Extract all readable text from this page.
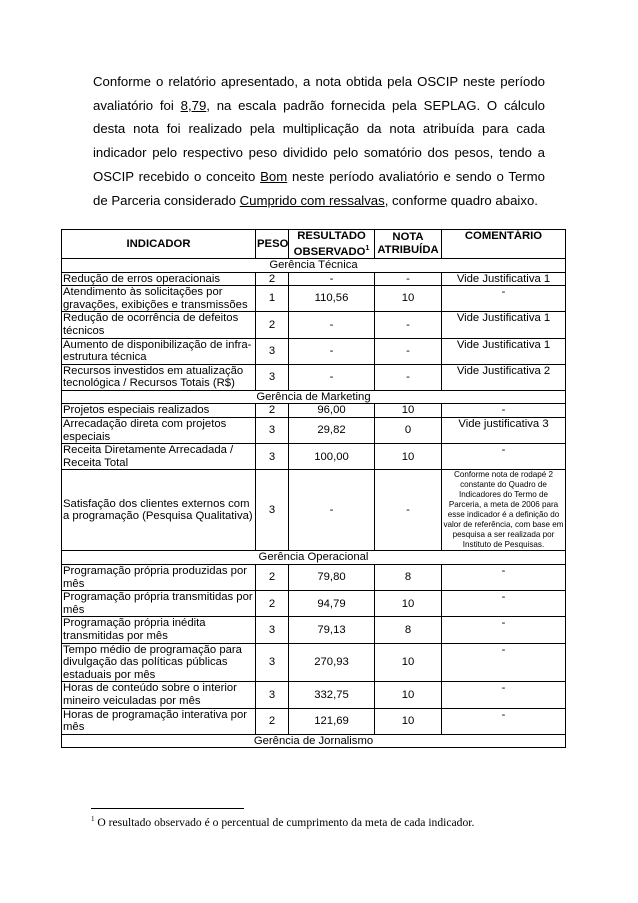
Conforme o relatório apresentado, a nota obtida pela OSCIP neste período avaliatório foi 8,79, na escala padrão fornecida pela SEPLAG. O cálculo desta nota foi realizado pela multiplicação da nota atribuída para cada indicador pelo respectivo peso dividido pelo somatório dos pesos, tendo a OSCIP recebido o conceito Bom neste período avaliatório e sendo o Termo de Parceria considerado Cumprido com ressalvas, conforme quadro abaixo.

INDICADOR	PESO	RESULTADO OBSERVADO$^1$	NOTA ATRIBUÍDA	COMENTÁRIO
Gerência Técnica				
Redução de erros operacionais	2	-	-	Vide Justificativa 1
Atendimento às solicitações por gravações, exibições e transmissões	1	110,56	10	-
Redução de ocorrência de defeitos técnicos	2	-	-	Vide Justificativa 1
Aumento de disponibilização de infra-estrutura técnica	3	-	-	Vide Justificativa 1
Recursos investidos em atualização tecnológica / Recursos Totais (R$)	3	-	-	Vide Justificativa 2
Gerência de Marketing				
Projetos especiais realizados	2	96,00	10	-
Arrecadação direta com projetos especiais	3	29,82	0	Vide justificativa 3
Receita Diretamente Arrecadada / Receita Total	3	100,00	10	-
Satisfação dos clientes externos com a programação (Pesquisa Qualitativa)	3	-	-	Conforme nota de rodapé 2 constante do Quadro de Indicadores do Termo de Parceria, a meta de 2006 para esse indicador é a definição do valor de referência, com base em pesquisa a ser realizada por Instituto de Pesquisas.
Gerência Operacional				
Programação própria produzidas por mês	2	79,80	8	-
Programação própria transmitidas por mês	2	94,79	10	-
Programação própria inédita transmitidas por mês	3	79,13	8	-
Tempo médio de programação para divulgação das políticas públicas estaduais por mês	3	270,93	10	-
Horas de conteúdo sobre o interior mineiro veiculadas por mês	3	332,75	10	-
Horas de programação interativa por mês	2	121,69	10	-
Gerência de Jornalismo				
$^1$ O resultado observado é o percentual de cumprimento da meta de cada indicador.
